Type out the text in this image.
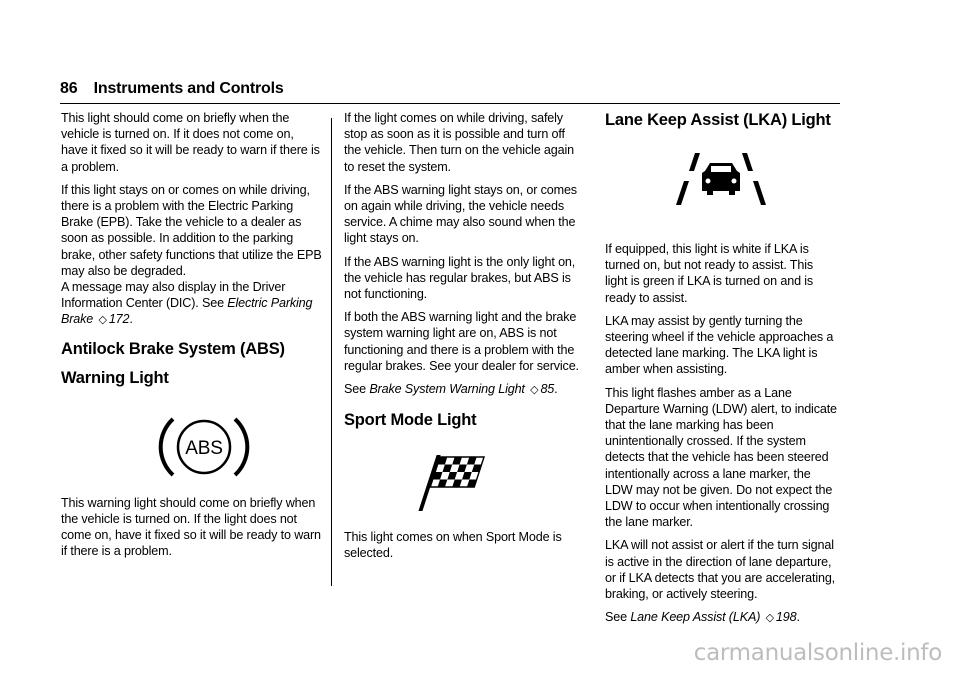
86 Instruments and Controls

This light should come on briefly when the vehicle is turned on. If it does not come on, have it fixed so it will be ready to warn if there is a problem.

If this light stays on or comes on while driving, there is a problem with the Electric Parking Brake (EPB). Take the vehicle to a dealer as soon as possible. In addition to the parking brake, other safety functions that utilize the EPB may also be degraded.

A message may also display in the Driver Information Center (DIC). See Electric Parking Brake ◇ 172.

Antilock Brake System (ABS)
Warning Light
ABS

This warning light should come on briefly when the vehicle is turned on. If the light does not come on, have it fixed so it will be ready to warn if there is a problem.

If the light comes on while driving, safely stop as soon as it is possible and turn off the vehicle. Then turn on the vehicle again to reset the system.

If the ABS warning light stays on, or comes on again while driving, the vehicle needs service. A chime may also sound when the light stays on.

If the ABS warning light is the only light on, the vehicle has regular brakes, but ABS is not functioning.

If both the ABS warning light and the brake system warning light are on, ABS is not functioning and there is a problem with the regular brakes. See your dealer for service.

See Brake System Warning Light ◇ 85.

Sport Mode Light

This light comes on when Sport Mode is selected.

Lane Keep Assist (LKA) Light

If equipped, this light is white if LKA is turned on, but not ready to assist. This light is green if LKA is turned on and is ready to assist.

LKA may assist by gently turning the steering wheel if the vehicle approaches a detected lane marking. The LKA light is amber when assisting.

This light flashes amber as a Lane Departure Warning (LDW) alert, to indicate that the lane marking has been unintentionally crossed. If the system detects that the vehicle has been steered intentionally across a lane marker, the LDW may not be given. Do not expect the LDW to occur when intentionally crossing the lane marker.

LKA will not assist or alert if the turn signal is active in the direction of lane departure, or if LKA detects that you are accelerating, braking, or actively steering.

See Lane Keep Assist (LKA) ◇ 198.

carmanualsonline.info
